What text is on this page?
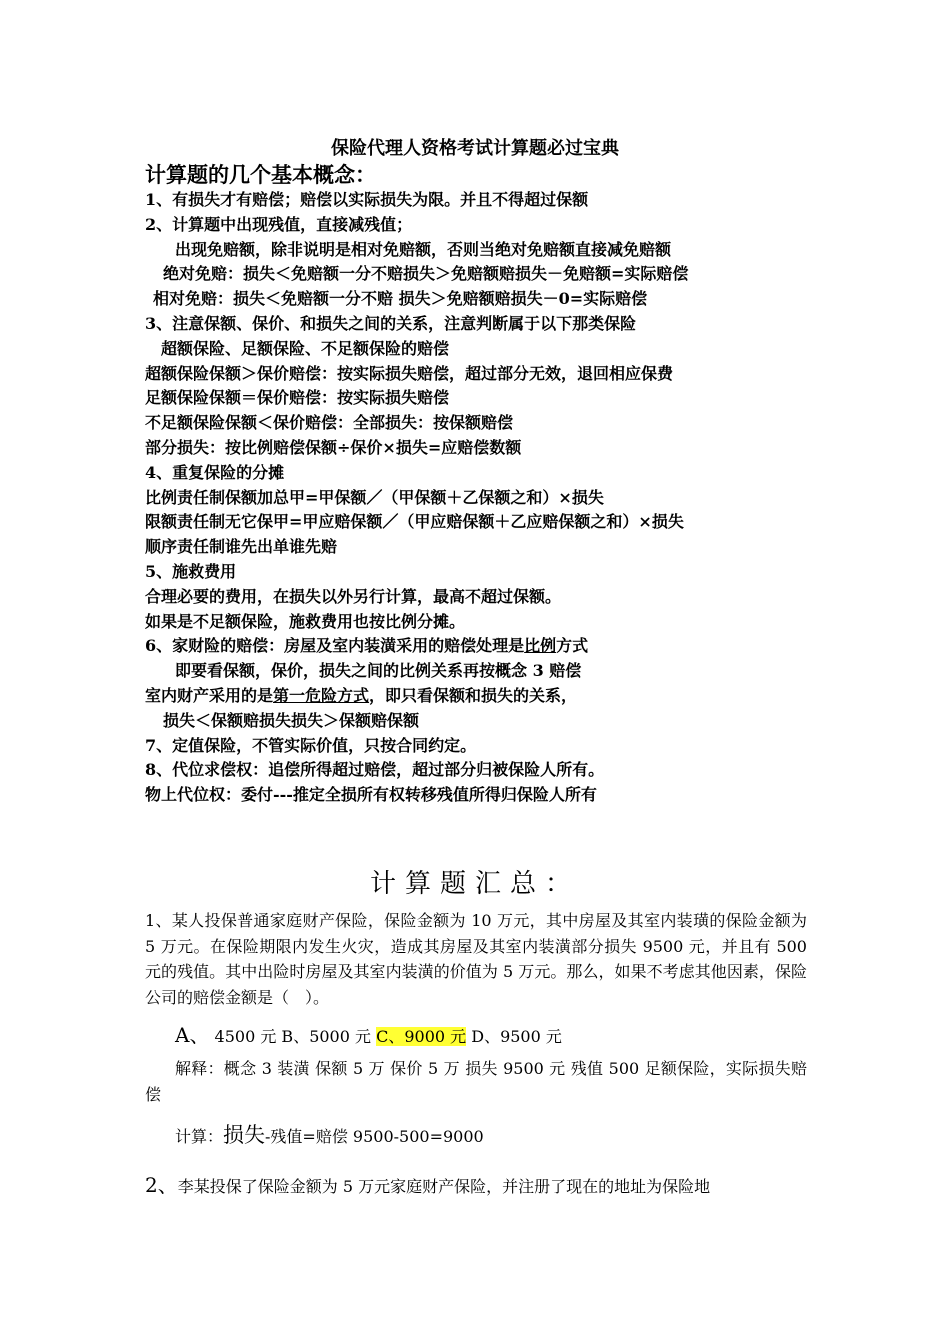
保险代理人资格考试计算题必过宝典
计算题的几个基本概念：
1、有损失才有赔偿；赔偿以实际损失为限。并且不得超过保额
2、计算题中出现残值，直接减残值；
出现免赔额，除非说明是相对免赔额，否则当绝对免赔额直接减免赔额
绝对免赔：损失＜免赔额一分不赔损失＞免赔额赔损失－免赔额=实际赔偿
相对免赔：损失＜免赔额一分不赔 损失＞免赔额赔损失－0=实际赔偿
3、注意保额、保价、和损失之间的关系，注意判断属于以下那类保险
超额保险、足额保险、不足额保险的赔偿
超额保险保额＞保价赔偿：按实际损失赔偿，超过部分无效，退回相应保费
足额保险保额＝保价赔偿：按实际损失赔偿
不足额保险保额＜保价赔偿：全部损失：按保额赔偿
部分损失：按比例赔偿保额÷保价×损失=应赔偿数额
4、重复保险的分摊
比例责任制保额加总甲=甲保额／（甲保额＋乙保额之和）×损失
限额责任制无它保甲=甲应赔保额／（甲应赔保额＋乙应赔保额之和）×损失
顺序责任制谁先出单谁先赔
5、施救费用
合理必要的费用，在损失以外另行计算，最高不超过保额。
如果是不足额保险，施救费用也按比例分摊。
6、家财险的赔偿：房屋及室内装潢采用的赔偿处理是比例方式
即要看保额，保价，损失之间的比例关系再按概念 3 赔偿
室内财产采用的是第一危险方式，即只看保额和损失的关系，
损失＜保额赔损失损失＞保额赔保额
7、定值保险，不管实际价值，只按合同约定。
8、代位求偿权：追偿所得超过赔偿，超过部分归被保险人所有。
物上代位权：委付---推定全损所有权转移残值所得归保险人所有
计算题汇总：
1、某人投保普通家庭财产保险，保险金额为 10 万元，其中房屋及其室内装璜的保险金额为 5 万元。在保险期限内发生火灾，造成其房屋及其室内装潢部分损失 9500 元，并且有 500 元的残值。其中出险时房屋及其室内装潢的价值为 5 万元。那么，如果不考虑其他因素，保险公司的赔偿金额是（　）。
A、 4500 元 B、5000 元 C、9000 元 D、9500 元
解释：概念 3 装潢 保额 5 万 保价 5 万 损失 9500 元 残值 500 足额保险，实际损失赔偿
计算：损失-残值=赔偿 9500-500=9000
2、李某投保了保险金额为 5 万元家庭财产保险，并注册了现在的地址为保险地
